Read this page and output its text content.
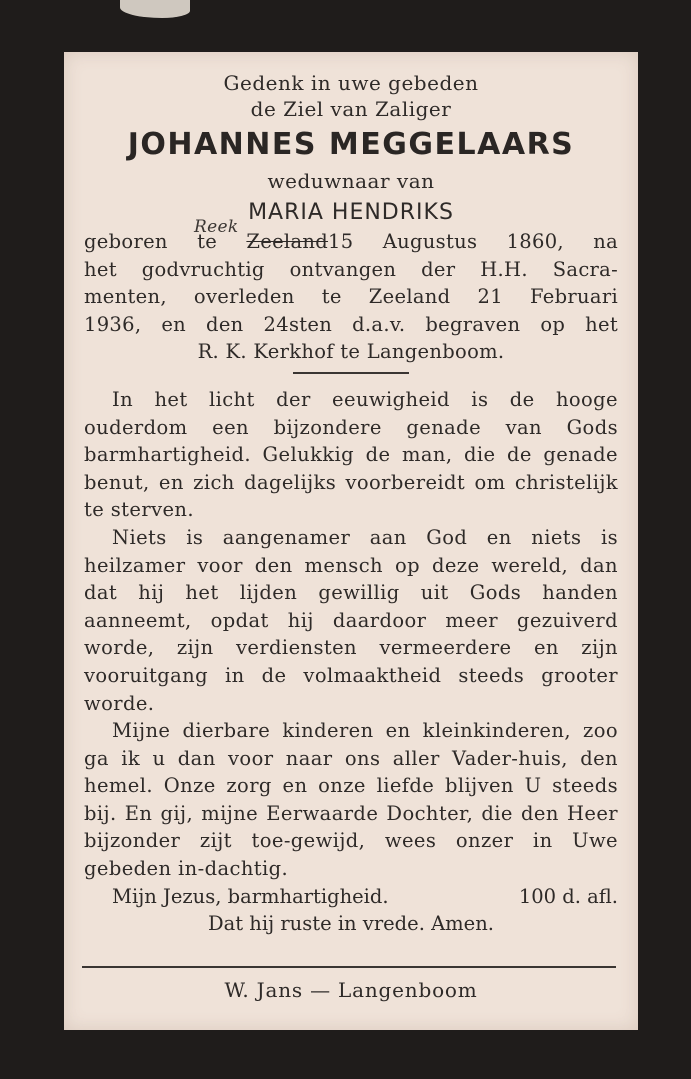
Gedenk in uwe gebeden
de Ziel van Zaliger
JOHANNES MEGGELAARS
weduwnaar van
MARIA HENDRIKS
geboren te Zeeland15 Augustus 1860, na
Reek
het godvruchtig ontvangen der H.H. Sacra-
menten, overleden te Zeeland 21 Februari
1936, en den 24sten d.a.v. begraven op het
R. K. Kerkhof te Langenboom.

In het licht der eeuwigheid is de hooge ouderdom een bijzondere genade van Gods barmhartigheid. Gelukkig de man, die de genade benut, en zich dagelijks voorbereidt om christelijk te sterven.

Niets is aangenamer aan God en niets is heilzamer voor den mensch op deze wereld, dan dat hij het lijden gewillig uit Gods handen aanneemt, opdat hij daardoor meer gezuiverd worde, zijn verdiensten vermeerdere en zijn vooruitgang in de volmaaktheid steeds grooter worde.

Mijne dierbare kinderen en kleinkinderen, zoo ga ik u dan voor naar ons aller Vader-huis, den hemel. Onze zorg en onze liefde blijven U steeds bij. En gij, mijne Eerwaarde Dochter, die den Heer bijzonder zijt toe-gewijd, wees onzer in Uwe gebeden in-dachtig.

Mijn Jezus, barmhartigheid.	100 d. afl.
Dat hij ruste in vrede. Amen.
W. Jans — Langenboom
